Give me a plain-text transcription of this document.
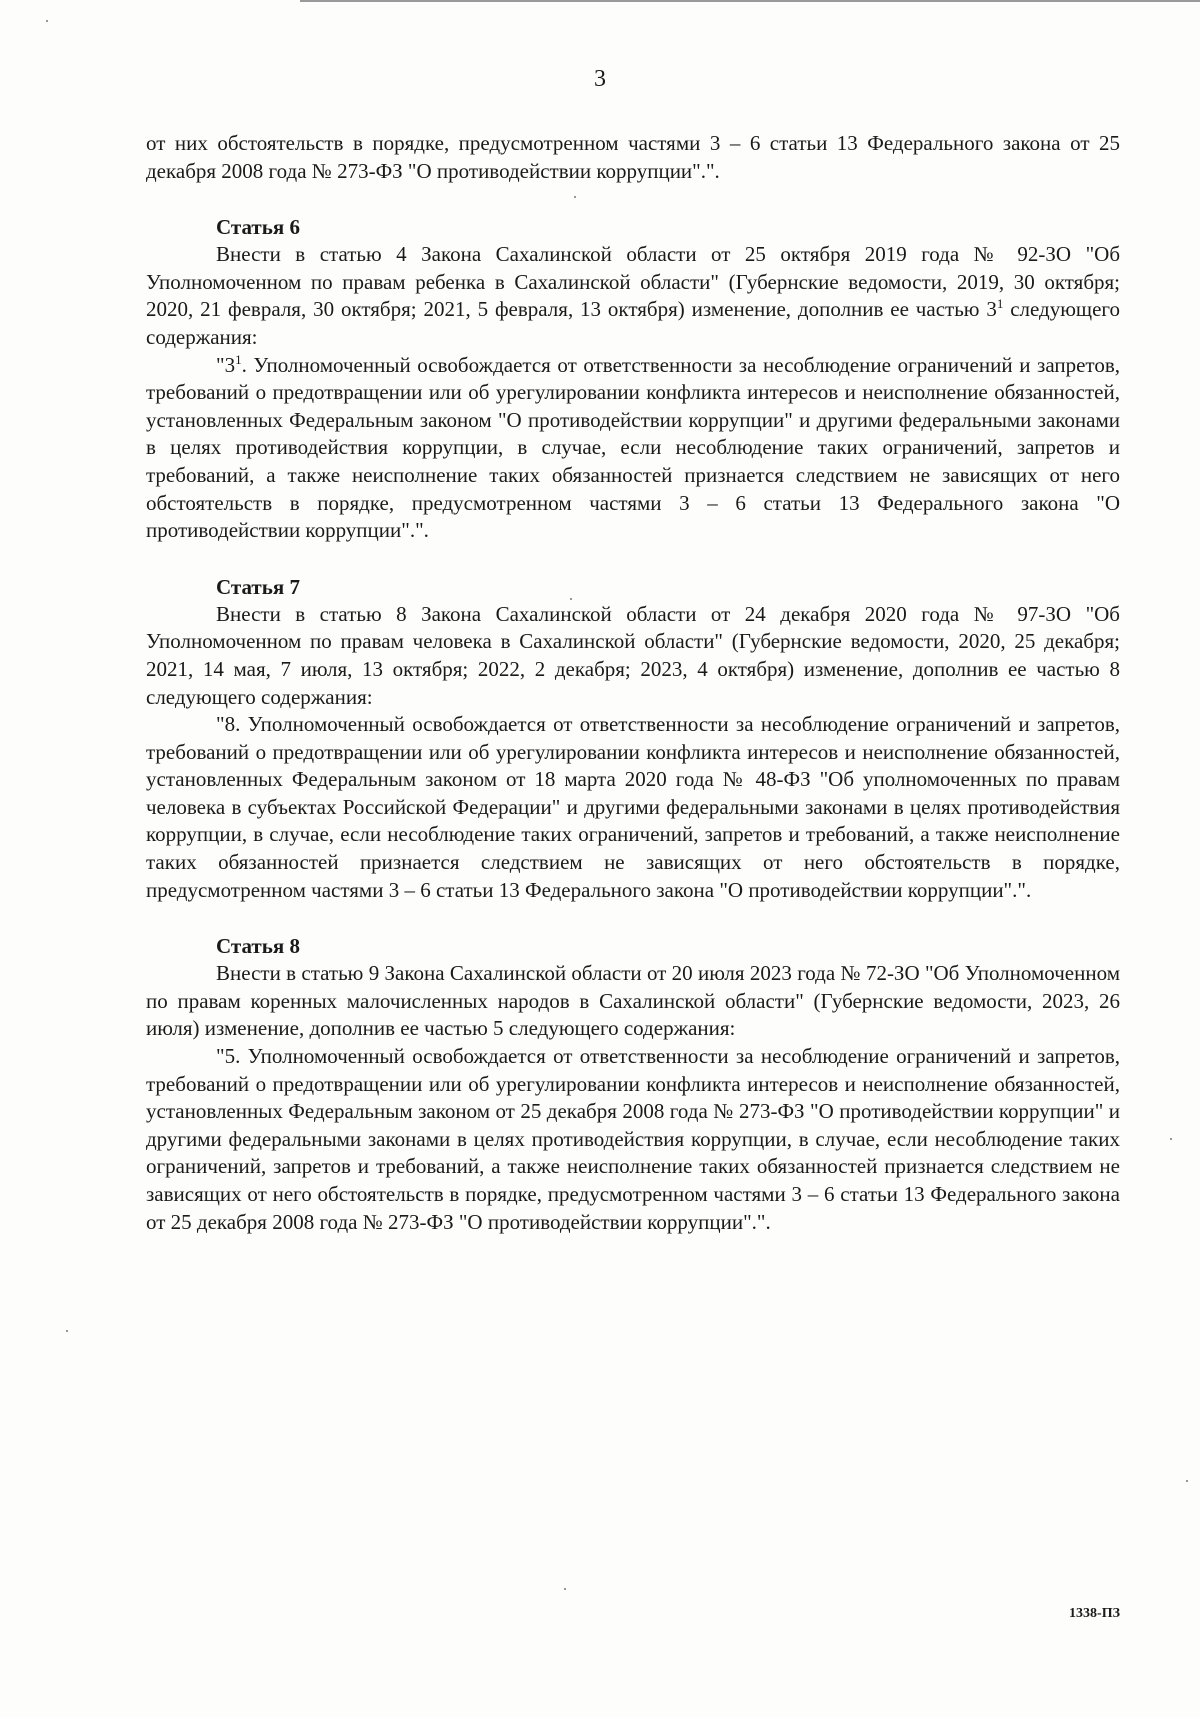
3

от них обстоятельств в порядке, предусмотренном частями 3 – 6 статьи 13 Федерального закона от 25 декабря 2008 года № 273-ФЗ "О противодействии коррупции".".

Статья 6

Внести в статью 4 Закона Сахалинской области от 25 октября 2019 года № 92-ЗО "Об Уполномоченном по правам ребенка в Сахалинской области" (Губернские ведомости, 2019, 30 октября; 2020, 21 февраля, 30 октября; 2021, 5 февраля, 13 октября) изменение, дополнив ее частью $3^1$ следующего содержания:

"$3^1$. Уполномоченный освобождается от ответственности за несоблюдение ограничений и запретов, требований о предотвращении или об урегулировании конфликта интересов и неисполнение обязанностей, установленных Федеральным законом "О противодействии коррупции" и другими федеральными законами в целях противодействия коррупции, в случае, если несоблюдение таких ограничений, запретов и требований, а также неисполнение таких обязанностей признается следствием не зависящих от него обстоятельств в порядке, предусмотренном частями 3 – 6 статьи 13 Федерального закона "О противодействии коррупции".".

Статья 7

Внести в статью 8 Закона Сахалинской области от 24 декабря 2020 года № 97-ЗО "Об Уполномоченном по правам человека в Сахалинской области" (Губернские ведомости, 2020, 25 декабря; 2021, 14 мая, 7 июля, 13 октября; 2022, 2 декабря; 2023, 4 октября) изменение, дополнив ее частью 8 следующего содержания:

"8. Уполномоченный освобождается от ответственности за несоблюдение ограничений и запретов, требований о предотвращении или об урегулировании конфликта интересов и неисполнение обязанностей, установленных Федеральным законом от 18 марта 2020 года № 48-ФЗ "Об уполномоченных по правам человека в субъектах Российской Федерации" и другими федеральными законами в целях противодействия коррупции, в случае, если несоблюдение таких ограничений, запретов и требований, а также неисполнение таких обязанностей признается следствием не зависящих от него обстоятельств в порядке, предусмотренном частями 3 – 6 статьи 13 Федерального закона "О противодействии коррупции".".

Статья 8

Внести в статью 9 Закона Сахалинской области от 20 июля 2023 года № 72-ЗО "Об Уполномоченном по правам коренных малочисленных народов в Сахалинской области" (Губернские ведомости, 2023, 26 июля) изменение, дополнив ее частью 5 следующего содержания:

"5. Уполномоченный освобождается от ответственности за несоблюдение ограничений и запретов, требований о предотвращении или об урегулировании конфликта интересов и неисполнение обязанностей, установленных Федеральным законом от 25 декабря 2008 года № 273-ФЗ "О противодействии коррупции" и другими федеральными законами в целях противодействия коррупции, в случае, если несоблюдение таких ограничений, запретов и требований, а также неисполнение таких обязанностей признается следствием не зависящих от него обстоятельств в порядке, предусмотренном частями 3 – 6 статьи 13 Федерального закона от 25 декабря 2008 года № 273-ФЗ "О противодействии коррупции".".

1338-ПЗ
